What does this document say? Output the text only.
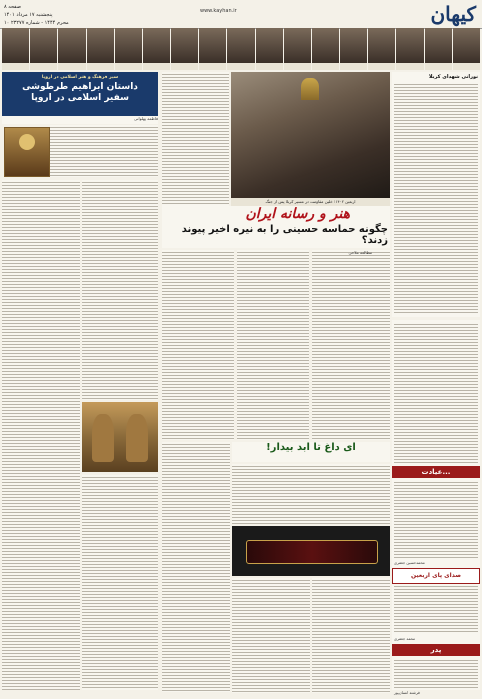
کیهان
www.kayhan.ir
صفحه ۸
پنجشنبه ۱۷ مرداد ۱۴۰۱
۱۰ محرم ۱۴۴۴ - شماره ۲۳۲۷۷
نورانی شهدای کربلا
اربعین ۱۴۰۲؛ خلین مقاومت در مسیر کربلا پس از جنگ
هنر و رسانه ایران
چگونه حماسه حسینی را به نیره اخیر پیوند زدند؟
مطالعه ملاحی
ای داغ تا ابد بیدار!
سیر فرهنگ و هنر اسلامی در اروپا
داستان ابراهیم طرطوشی
سفیر اسلامی در اروپا
فاطمه پهلوانی
عیادت...
محمدحسین جعفری
صدای پای اربعین
محمد جعفری
پدر
فرشته انسان‌پور
